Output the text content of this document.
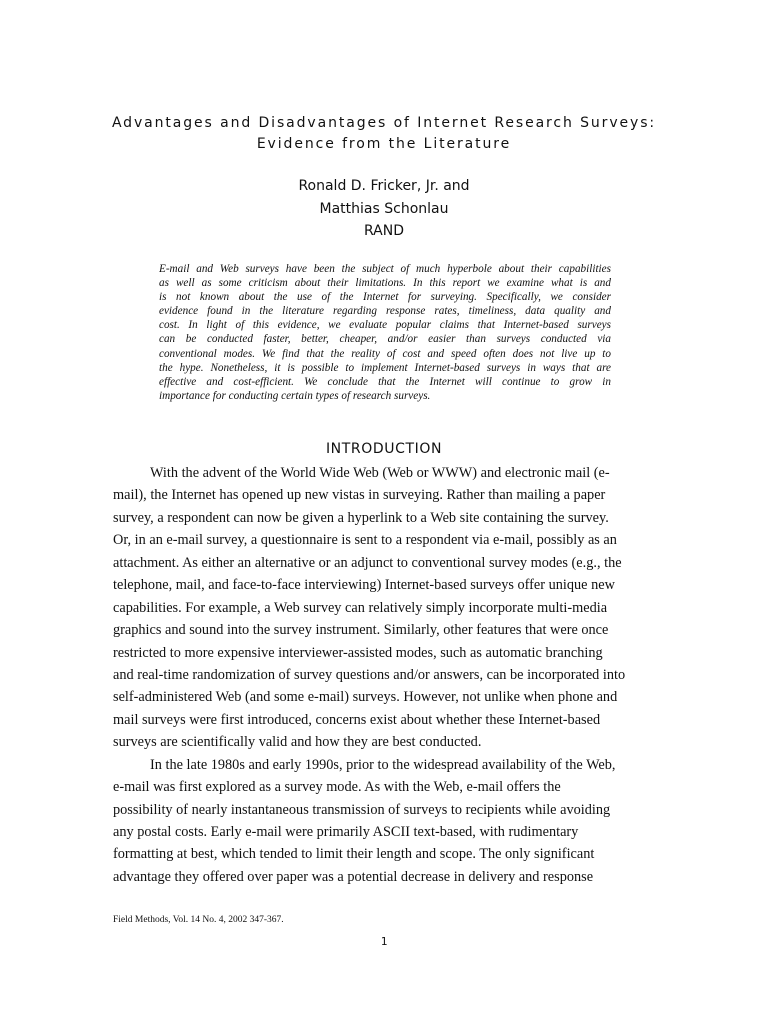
Advantages and Disadvantages of Internet Research Surveys:
Evidence from the Literature
Ronald D. Fricker, Jr. and
Matthias Schonlau
RAND
E-mail and Web surveys have been the subject of much hyperbole about their capabilities
as well as some criticism about their limitations. In this report we examine what is and
is not known about the use of the Internet for surveying. Specifically, we consider
evidence found in the literature regarding response rates, timeliness, data quality and
cost. In light of this evidence, we evaluate popular claims that Internet-based surveys
can be conducted faster, better, cheaper, and/or easier than surveys conducted via
conventional modes. We find that the reality of cost and speed often does not live up to
the hype. Nonetheless, it is possible to implement Internet-based surveys in ways that are
effective and cost-efficient. We conclude that the Internet will continue to grow in
importance for conducting certain types of research surveys.
INTRODUCTION
With the advent of the World Wide Web (Web or WWW) and electronic mail (e-
mail), the Internet has opened up new vistas in surveying. Rather than mailing a paper
survey, a respondent can now be given a hyperlink to a Web site containing the survey.
Or, in an e-mail survey, a questionnaire is sent to a respondent via e-mail, possibly as an
attachment. As either an alternative or an adjunct to conventional survey modes (e.g., the
telephone, mail, and face-to-face interviewing) Internet-based surveys offer unique new
capabilities. For example, a Web survey can relatively simply incorporate multi-media
graphics and sound into the survey instrument. Similarly, other features that were once
restricted to more expensive interviewer-assisted modes, such as automatic branching
and real-time randomization of survey questions and/or answers, can be incorporated into
self-administered Web (and some e-mail) surveys. However, not unlike when phone and
mail surveys were first introduced, concerns exist about whether these Internet-based
surveys are scientifically valid and how they are best conducted.
In the late 1980s and early 1990s, prior to the widespread availability of the Web,
e-mail was first explored as a survey mode. As with the Web, e-mail offers the
possibility of nearly instantaneous transmission of surveys to recipients while avoiding
any postal costs. Early e-mail were primarily ASCII text-based, with rudimentary
formatting at best, which tended to limit their length and scope. The only significant
advantage they offered over paper was a potential decrease in delivery and response
Field Methods, Vol. 14 No. 4, 2002 347-367.
1
